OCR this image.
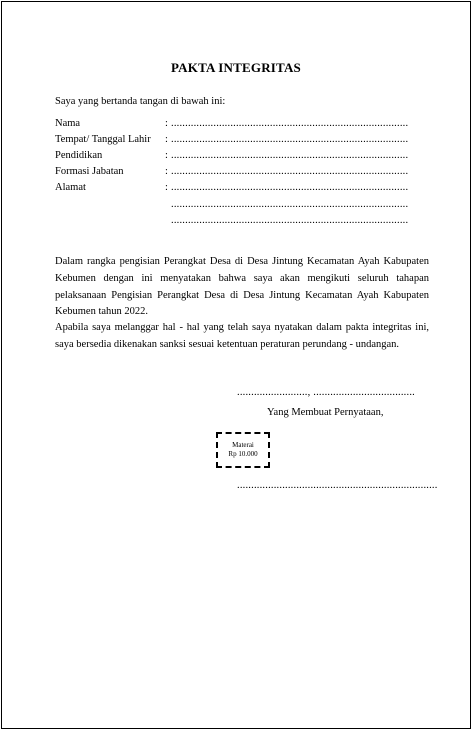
PAKTA INTEGRITAS
Saya yang bertanda tangan di bawah ini:
Nama	: ....................................................................................
Tempat/ Tanggal Lahir : ....................................................................................
Pendidikan	: ....................................................................................
Formasi Jabatan	: ....................................................................................
Alamat	: ....................................................................................
....................................................................................
....................................................................................
Dalam rangka pengisian Perangkat Desa di Desa Jintung Kecamatan Ayah Kabupaten Kebumen dengan ini menyatakan bahwa saya akan mengikuti seluruh tahapan pelaksanaan Pengisian Perangkat Desa di Desa Jintung Kecamatan Ayah Kabupaten Kebumen tahun 2022.
Apabila saya melanggar hal - hal yang telah saya nyatakan dalam pakta integritas ini, saya bersedia dikenakan sanksi sesuai ketentuan peraturan perundang - undangan.
........................., ....................................
Yang Membuat Pernyataan,
Materai
Rp 10.000
.......................................................................
